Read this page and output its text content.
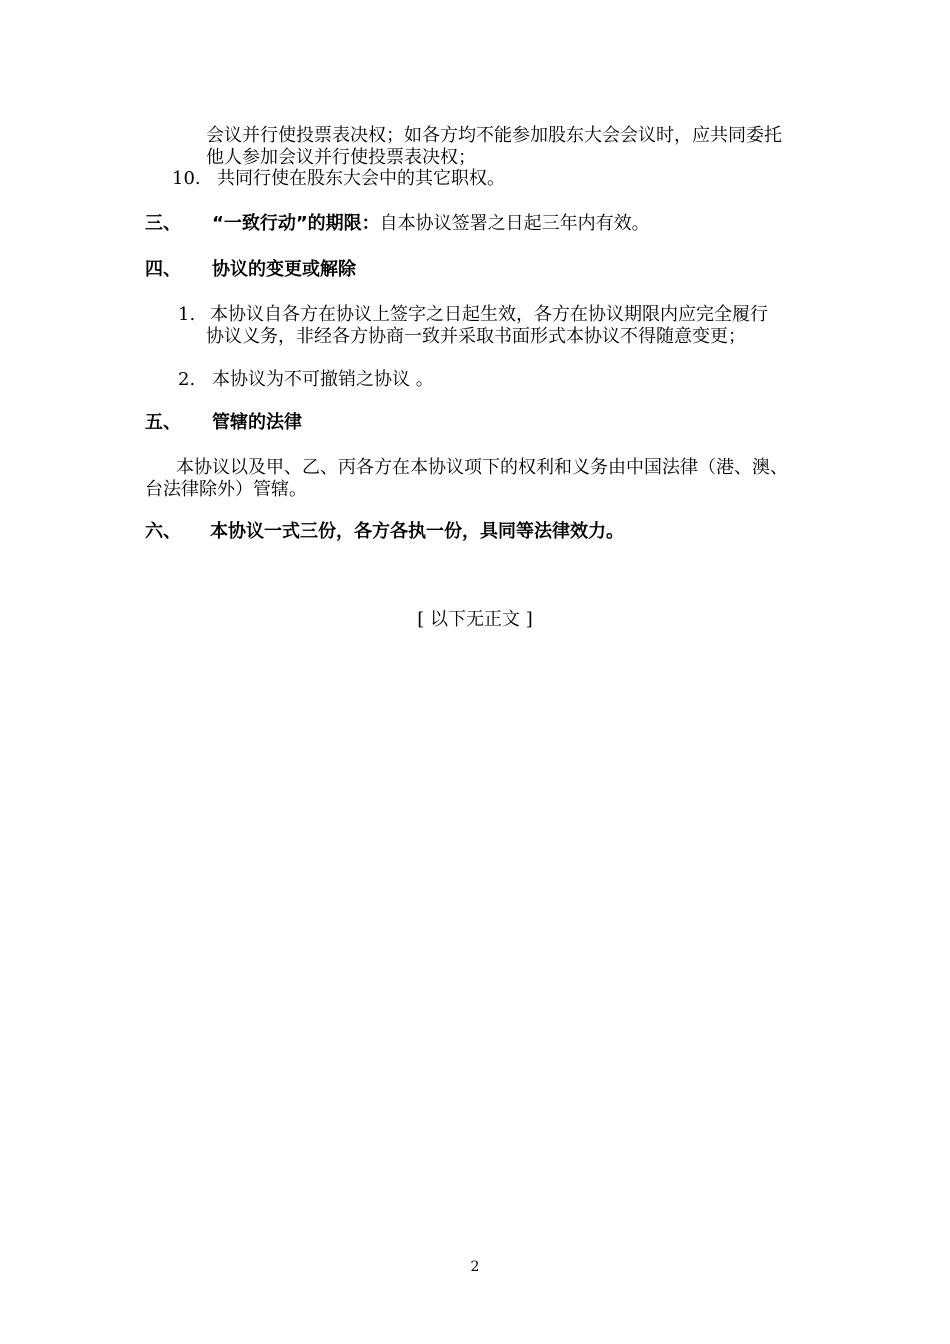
会议并行使投票表决权；如各方均不能参加股东大会会议时，应共同委托
他人参加会议并行使投票表决权；
10. 共同行使在股东大会中的其它职权。
三、 “一致行动”的期限：自本协议签署之日起三年内有效。
四、 协议的变更或解除
1. 本协议自各方在协议上签字之日起生效，各方在协议期限内应完全履行
协议义务，非经各方协商一致并采取书面形式本协议不得随意变更；
2. 本协议为不可撤销之协议 。
五、 管辖的法律
本协议以及甲、乙、丙各方在本协议项下的权利和义务由中国法律（港、澳、
台法律除外）管辖。
六、 本协议一式三份，各方各执一份，具同等法律效力。
[ 以下无正文 ]
2
